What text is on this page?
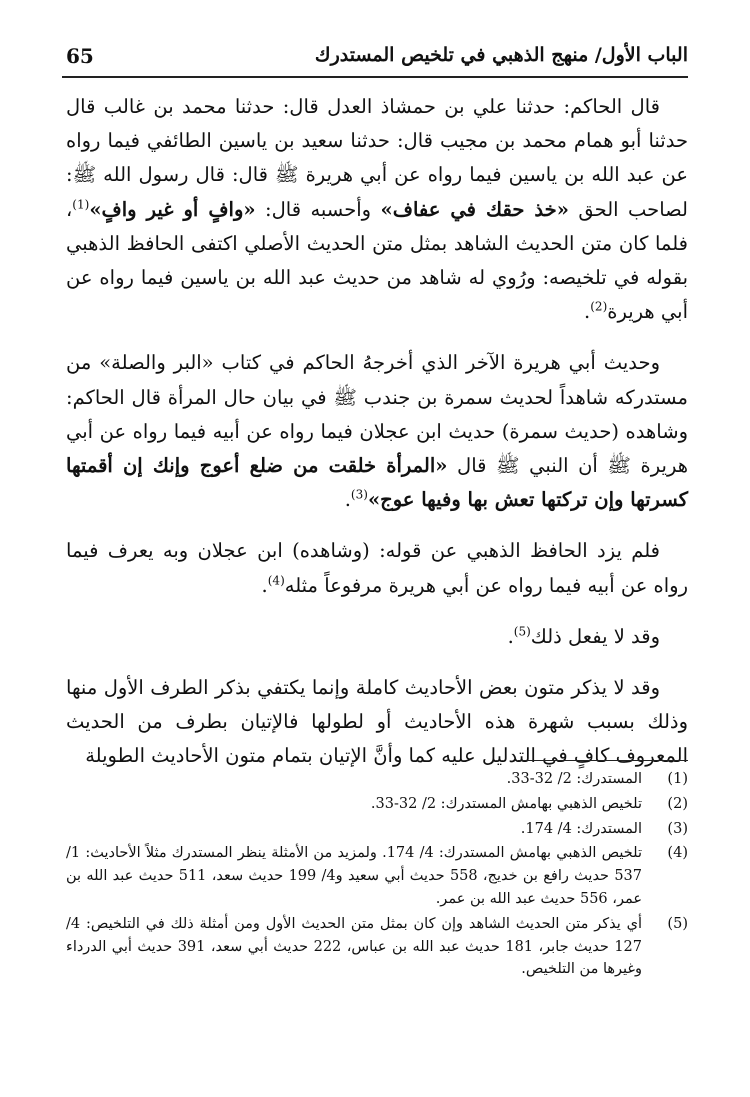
65	الباب الأول/ منهج الذهبي في تلخيص المستدرك

قال الحاكم: حدثنا علي بن حمشاذ العدل قال: حدثنا محمد بن غالب قال حدثنا أبو همام محمد بن مجيب قال: حدثنا سعيد بن ياسين الطائفي فيما رواه عن عبد الله بن ياسين فيما رواه عن أبي هريرة ﷺ قال: قال رسول الله ﷺ: لصاحب الحق «خذ حقك في عفاف» وأحسبه قال: «وافٍ أو غير وافٍ»$^{(1)}$، فلما كان متن الحديث الشاهد بمثل متن الحديث الأصلي اكتفى الحافظ الذهبي بقوله في تلخيصه: ورُوي له شاهد من حديث عبد الله بن ياسين فيما رواه عن أبي هريرة$^{(2)}$.

وحديث أبي هريرة الآخر الذي أخرجهُ الحاكم في كتاب «البر والصلة» من مستدركه شاهداً لحديث سمرة بن جندب ﷺ في بيان حال المرأة قال الحاكم: وشاهده (حديث سمرة) حديث ابن عجلان فيما رواه عن أبيه فيما رواه عن أبي هريرة ﷺ أن النبي ﷺ قال «المرأة خلقت من ضلع أعوج وإنك إن أقمتها كسرتها وإن تركتها تعش بها وفيها عوج»$^{(3)}$.

فلم يزد الحافظ الذهبي عن قوله: (وشاهده) ابن عجلان وبه يعرف فيما رواه عن أبيه فيما رواه عن أبي هريرة مرفوعاً مثله$^{(4)}$.

وقد لا يفعل ذلك$^{(5)}$.

وقد لا يذكر متون بعض الأحاديث كاملة وإنما يكتفي بذكر الطرف الأول منها وذلك بسبب شهرة هذه الأحاديث أو لطولها فالإتيان بطرف من الحديث المعروف كافٍ في التدليل عليه كما وأنَّ الإتيان بتمام متون الأحاديث الطويلة

(1)
المستدرك: 2/ 32-33.
(2)
تلخيص الذهبي بهامش المستدرك: 2/ 32-33.
(3)
المستدرك: 4/ 174.
(4)
تلخيص الذهبي بهامش المستدرك: 4/ 174. ولمزيد من الأمثلة ينظر المستدرك مثلاً الأحاديث: 1/ 537 حديث رافع بن خديج، 558 حديث أبي سعيد و4/ 199 حديث سعد، 511 حديث عبد الله بن عمر، 556 حديث عبد الله بن عمر.
(5)
أي يذكر متن الحديث الشاهد وإن كان بمثل متن الحديث الأول ومن أمثلة ذلك في التلخيص: 4/ 127 حديث جابر، 181 حديث عبد الله بن عباس، 222 حديث أبي سعد، 391 حديث أبي الدرداء وغيرها من التلخيص.
